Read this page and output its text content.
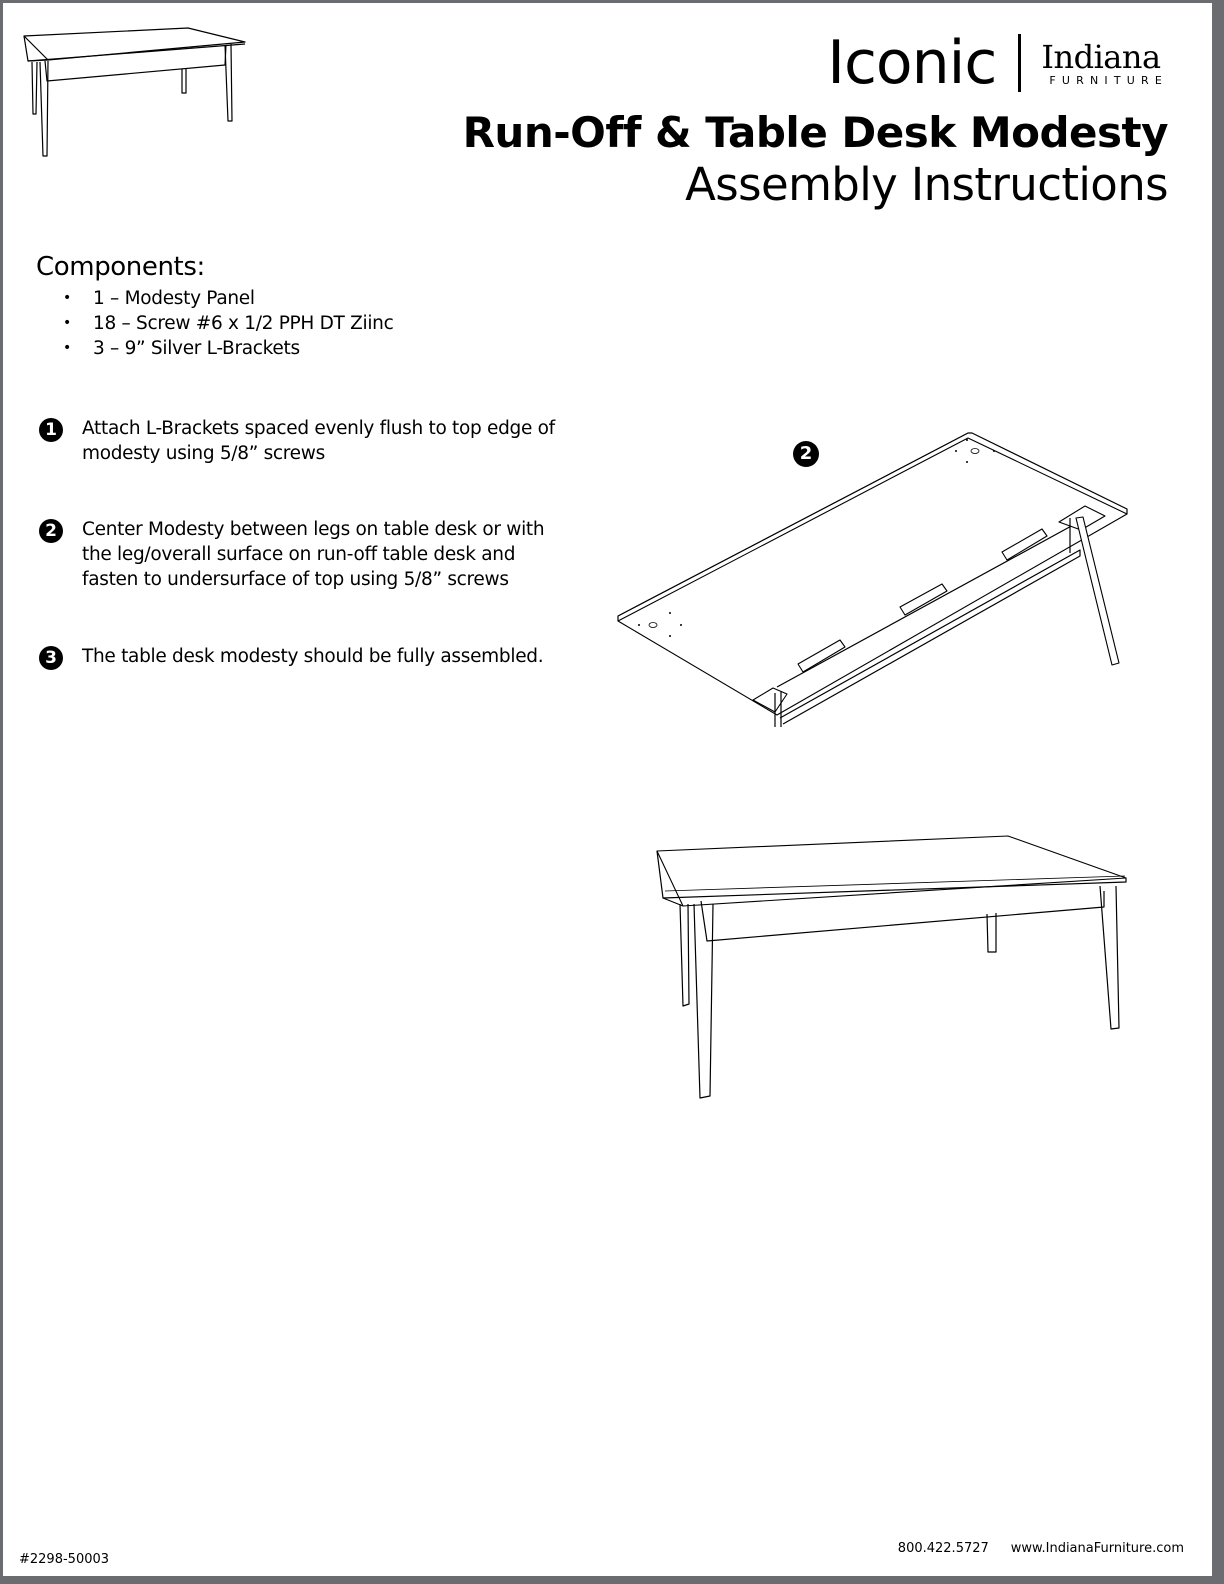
Iconic Indiana
FURNITURE
Run-Off & Table Desk Modesty
Assembly Instructions
Components:
•	1 – Modesty Panel
•	18 – Screw #6 x 1/2 PPH DT Ziinc
•	3 – 9” Silver L-Brackets
1	Attach L-Brackets spaced evenly flush to top edge of modesty using 5/8” screws
2	Center Modesty between legs on table desk or with the leg/overall surface on run-off table desk and fasten to undersurface of top using 5/8” screws
3	The table desk modesty should be fully assembled.
2
#2298-50003
800.422.5727 www.IndianaFurniture.com
